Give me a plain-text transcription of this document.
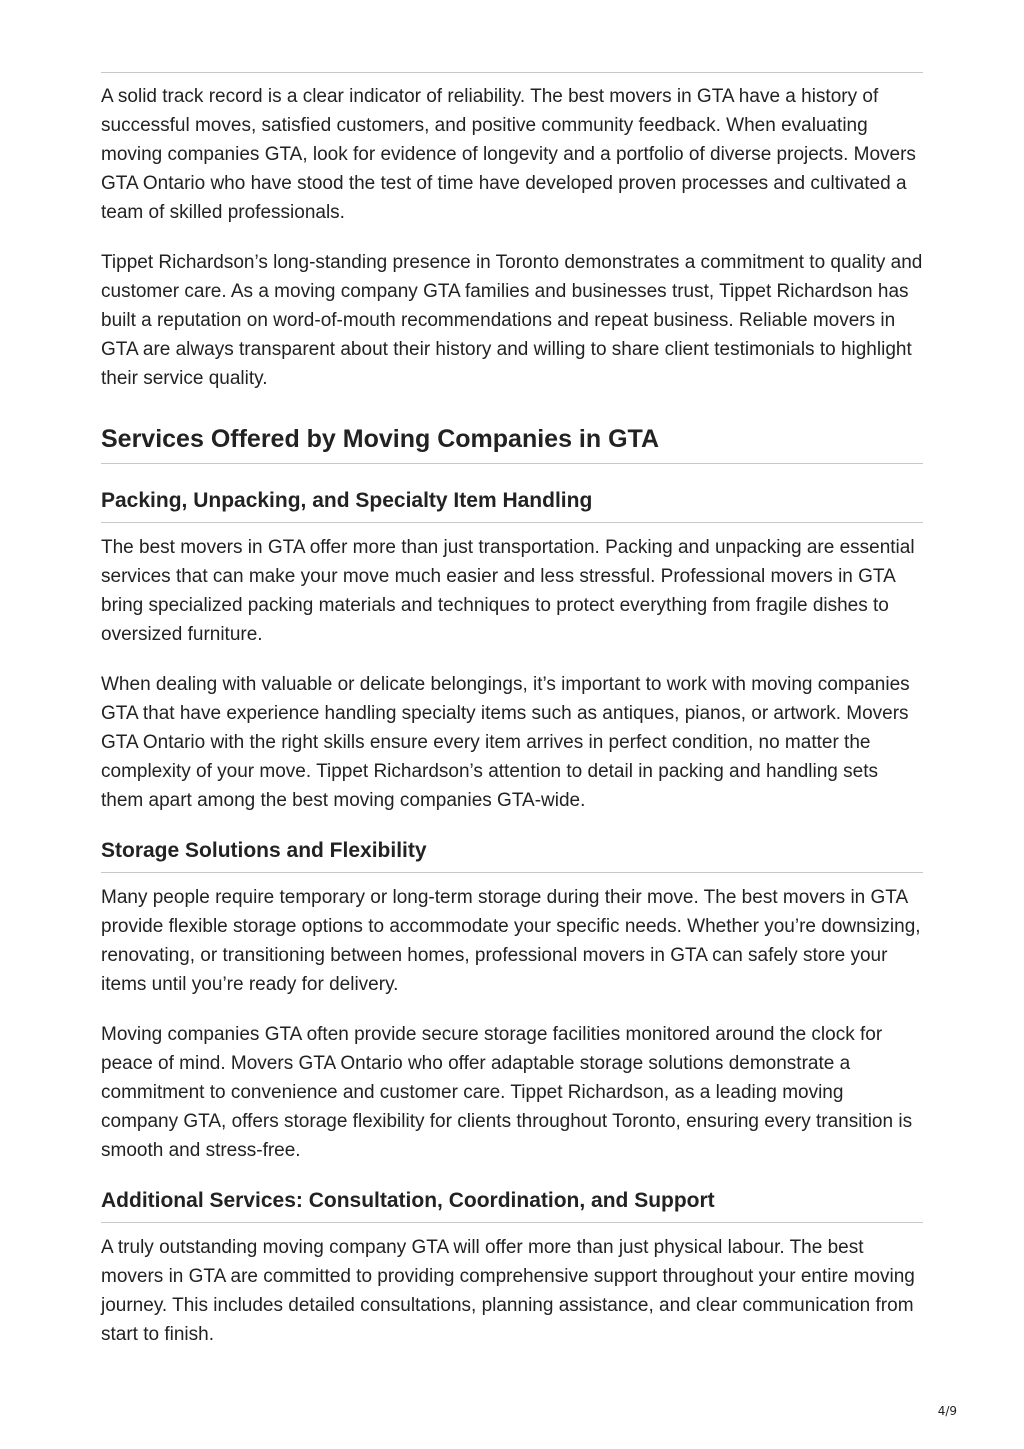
A solid track record is a clear indicator of reliability. The best movers in GTA have a history of successful moves, satisfied customers, and positive community feedback. When evaluating moving companies GTA, look for evidence of longevity and a portfolio of diverse projects. Movers GTA Ontario who have stood the test of time have developed proven processes and cultivated a team of skilled professionals.

Tippet Richardson’s long-standing presence in Toronto demonstrates a commitment to quality and customer care. As a moving company GTA families and businesses trust, Tippet Richardson has built a reputation on word-of-mouth recommendations and repeat business. Reliable movers in GTA are always transparent about their history and willing to share client testimonials to highlight their service quality.

Services Offered by Moving Companies in GTA
Packing, Unpacking, and Specialty Item Handling

The best movers in GTA offer more than just transportation. Packing and unpacking are essential services that can make your move much easier and less stressful. Professional movers in GTA bring specialized packing materials and techniques to protect everything from fragile dishes to oversized furniture.

When dealing with valuable or delicate belongings, it’s important to work with moving companies GTA that have experience handling specialty items such as antiques, pianos, or artwork. Movers GTA Ontario with the right skills ensure every item arrives in perfect condition, no matter the complexity of your move. Tippet Richardson’s attention to detail in packing and handling sets them apart among the best moving companies GTA-wide.

Storage Solutions and Flexibility

Many people require temporary or long-term storage during their move. The best movers in GTA provide flexible storage options to accommodate your specific needs. Whether you’re downsizing, renovating, or transitioning between homes, professional movers in GTA can safely store your items until you’re ready for delivery.

Moving companies GTA often provide secure storage facilities monitored around the clock for peace of mind. Movers GTA Ontario who offer adaptable storage solutions demonstrate a commitment to convenience and customer care. Tippet Richardson, as a leading moving company GTA, offers storage flexibility for clients throughout Toronto, ensuring every transition is smooth and stress-free.

Additional Services: Consultation, Coordination, and Support

A truly outstanding moving company GTA will offer more than just physical labour. The best movers in GTA are committed to providing comprehensive support throughout your entire moving journey. This includes detailed consultations, planning assistance, and clear communication from start to finish.

4/9
